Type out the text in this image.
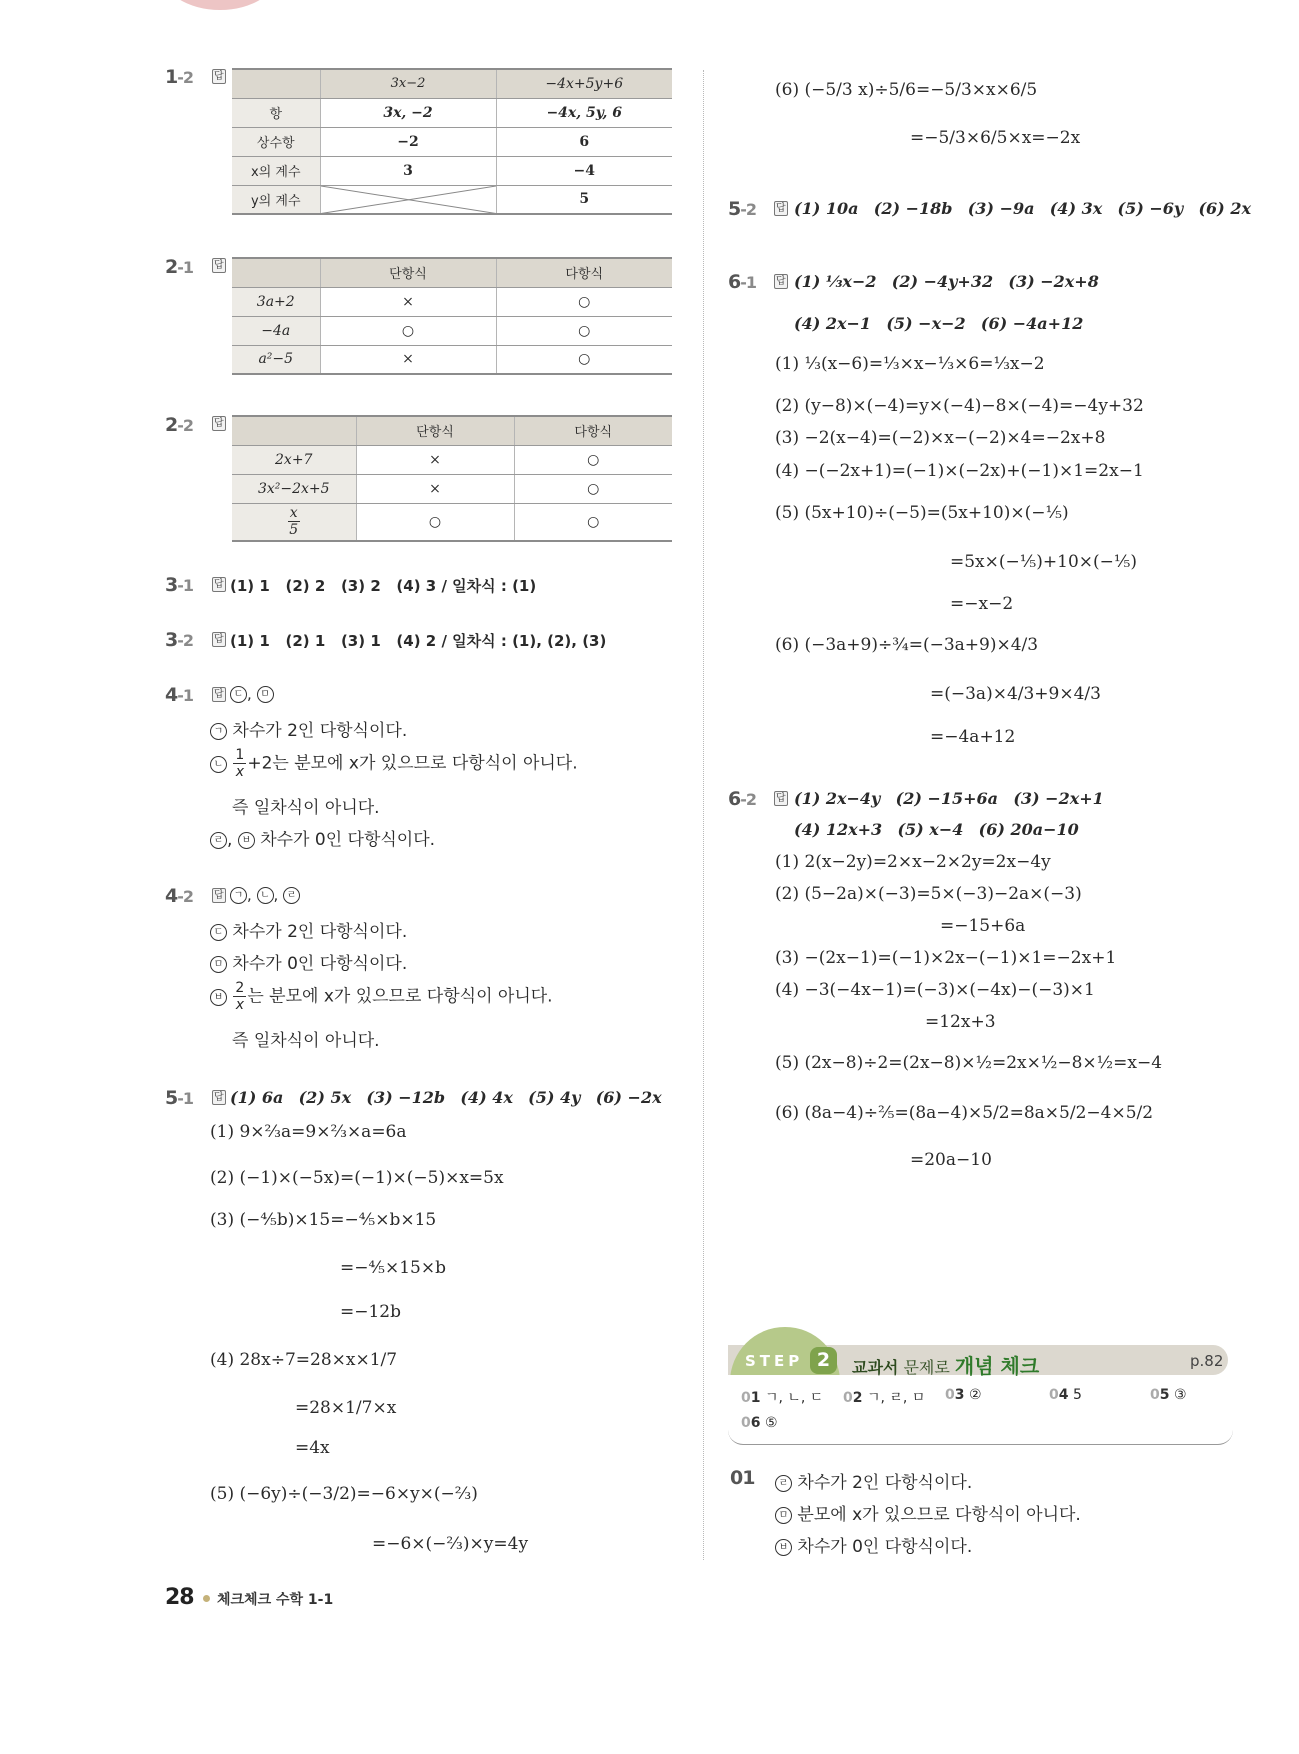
1-2 답
		3x−2	−4x+5y+6
항	3x, −2	−4x, 5y, 6
상수항	−2	6
x의 계수	3	−4
y의 계수		5
2-1 답
	단항식	다항식
3a+2	×	○
−4a	○	○
a²−5	×	○
2-2 답
	단항식	다항식
2x+7	×	○
3x²−2x+5	×	○

$\frac{x}{5}$	○	○
3-1 답 (1) 1   (2) 2   (3) 2   (4) 3 / 일차식 : (1)
3-2 답 (1) 1   (2) 1   (3) 1   (4) 2 / 일차식 : (1), (2), (3)
4-1 답 ㄷ , ㅁ
ㄱ 차수가 2인 다항식이다.
ㄴ $\frac{1}{x} +2$는 분모에 x가 있으므로 다항식이 아니다.
즉 일차식이 아니다.
ㄹ , ㅂ 차수가 0인 다항식이다.
4-2 답 ㄱ , ㄴ , ㄹ
ㄷ 차수가 2인 다항식이다.
ㅁ 차수가 0인 다항식이다.
ㅂ $\frac{2}{x}$ 는 분모에 x가 있으므로 다항식이 아니다.
즉 일차식이 아니다.
5-1 답 (1) 6a (2) 5x (3) −12b (4) 4x (5) 4y (6) −2x
(1) 9×⅔a=9×⅔×a=6a
(2) (−1)×(−5x)=(−1)×(−5)×x=5x
(3) (−⅘b)×15=−⅘×b×15
=−⅘×15×b
=−12b
(4) 28x÷7=28×x×1/7
=28×1/7×x
=4x
(5) (−6y)÷(−3/2)=−6×y×(−⅔)
=−6×(−⅔)×y=4y
28 체크체크 수학 1-1
(6) (−5/3 x)÷5/6=−5/3×x×6/5
=−5/3×6/5×x=−2x
5-2 답 (1) 10a (2) −18b (3) −9a (4) 3x (5) −6y (6) 2x
6-1 답 (1) ⅓x−2 (2) −4y+32 (3) −2x+8
(4) 2x−1 (5) −x−2 (6) −4a+12
(1) ⅓(x−6)=⅓×x−⅓×6=⅓x−2
(2) (y−8)×(−4)=y×(−4)−8×(−4)=−4y+32
(3) −2(x−4)=(−2)×x−(−2)×4=−2x+8
(4) −(−2x+1)=(−1)×(−2x)+(−1)×1=2x−1
(5) (5x+10)÷(−5)=(5x+10)×(−⅕)
=5x×(−⅕)+10×(−⅕)
=−x−2
(6) (−3a+9)÷¾=(−3a+9)×4/3
=(−3a)×4/3+9×4/3
=−4a+12
6-2 답 (1) 2x−4y (2) −15+6a (3) −2x+1
(4) 12x+3 (5) x−4 (6) 20a−10
(1) 2(x−2y)=2×x−2×2y=2x−4y
(2) (5−2a)×(−3)=5×(−3)−2a×(−3)
=−15+6a
(3) −(2x−1)=(−1)×2x−(−1)×1=−2x+1
(4) −3(−4x−1)=(−3)×(−4x)−(−3)×1
=12x+3
(5) (2x−8)÷2=(2x−8)×½=2x×½−8×½=x−4
(6) (8a−4)÷⅖=(8a−4)×5/2=8a×5/2−4×5/2
=20a−10
STEP 2	교과서 문제로 개념 체크	p.82
01 ㄱ, ㄴ, ㄷ 02 ㄱ, ㄹ, ㅁ 03 ②	04 5	05 ③
06 ⑤
01	ㄹ 차수가 2인 다항식이다.
ㅁ 분모에 x가 있으므로 다항식이 아니다.
ㅂ 차수가 0인 다항식이다.
